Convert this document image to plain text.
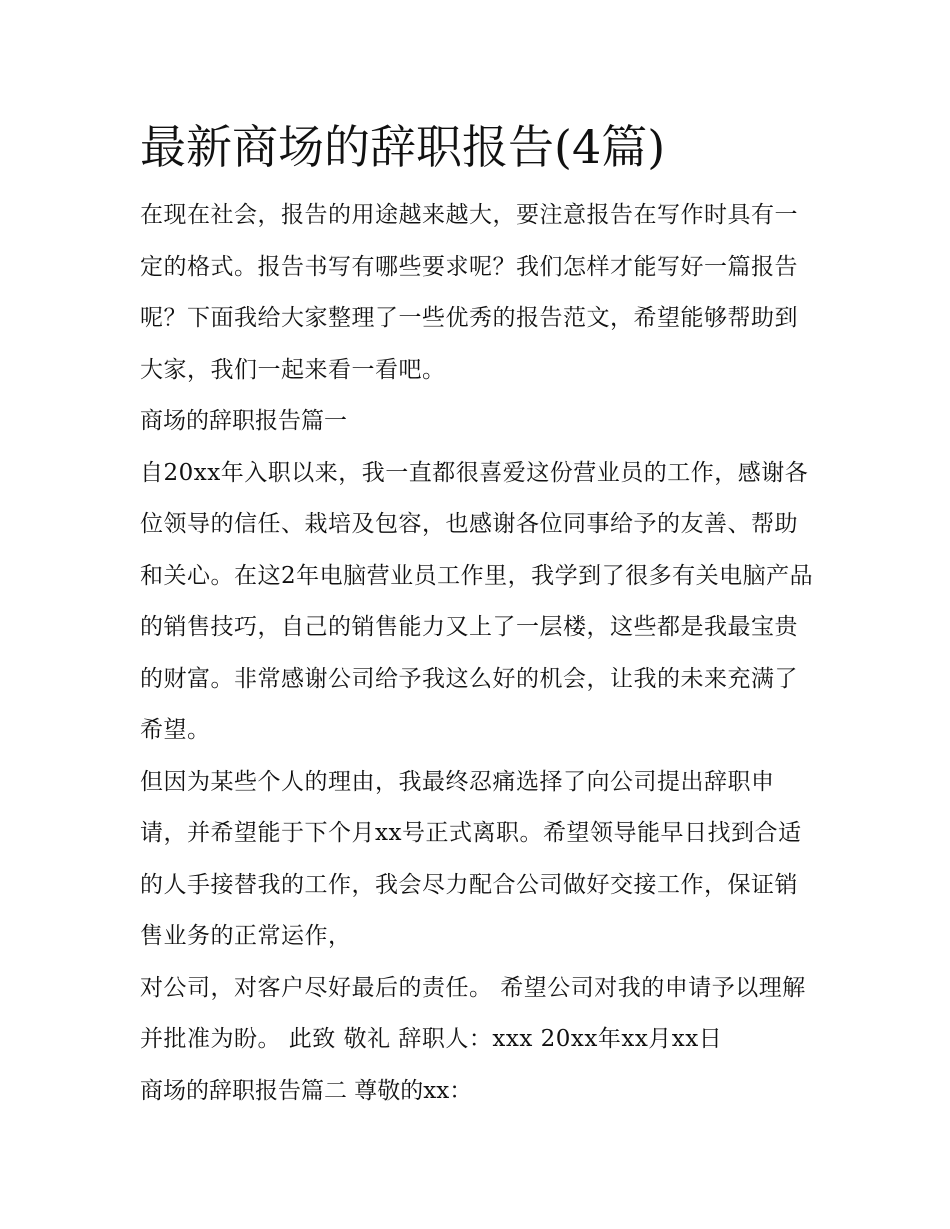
最新商场的辞职报告(4篇)

在现在社会，报告的用途越来越大，要注意报告在写作时具有一定的格式。报告书写有哪些要求呢？我们怎样才能写好一篇报告呢？下面我给大家整理了一些优秀的报告范文，希望能够帮助到大家，我们一起来看一看吧。

商场的辞职报告篇一

自20xx年入职以来，我一直都很喜爱这份营业员的工作，感谢各位领导的信任、栽培及包容，也感谢各位同事给予的友善、帮助和关心。在这2年电脑营业员工作里，我学到了很多有关电脑产品的销售技巧，自己的销售能力又上了一层楼，这些都是我最宝贵的财富。非常感谢公司给予我这么好的机会，让我的未来充满了希望。

但因为某些个人的理由，我最终忍痛选择了向公司提出辞职申请，并希望能于下个月xx号正式离职。希望领导能早日找到合适的人手接替我的工作，我会尽力配合公司做好交接工作，保证销售业务的正常运作，

对公司，对客户尽好最后的责任。 希望公司对我的申请予以理解并批准为盼。 此致 敬礼 辞职人：xxx 20xx年xx月xx日

商场的辞职报告篇二 尊敬的xx：
